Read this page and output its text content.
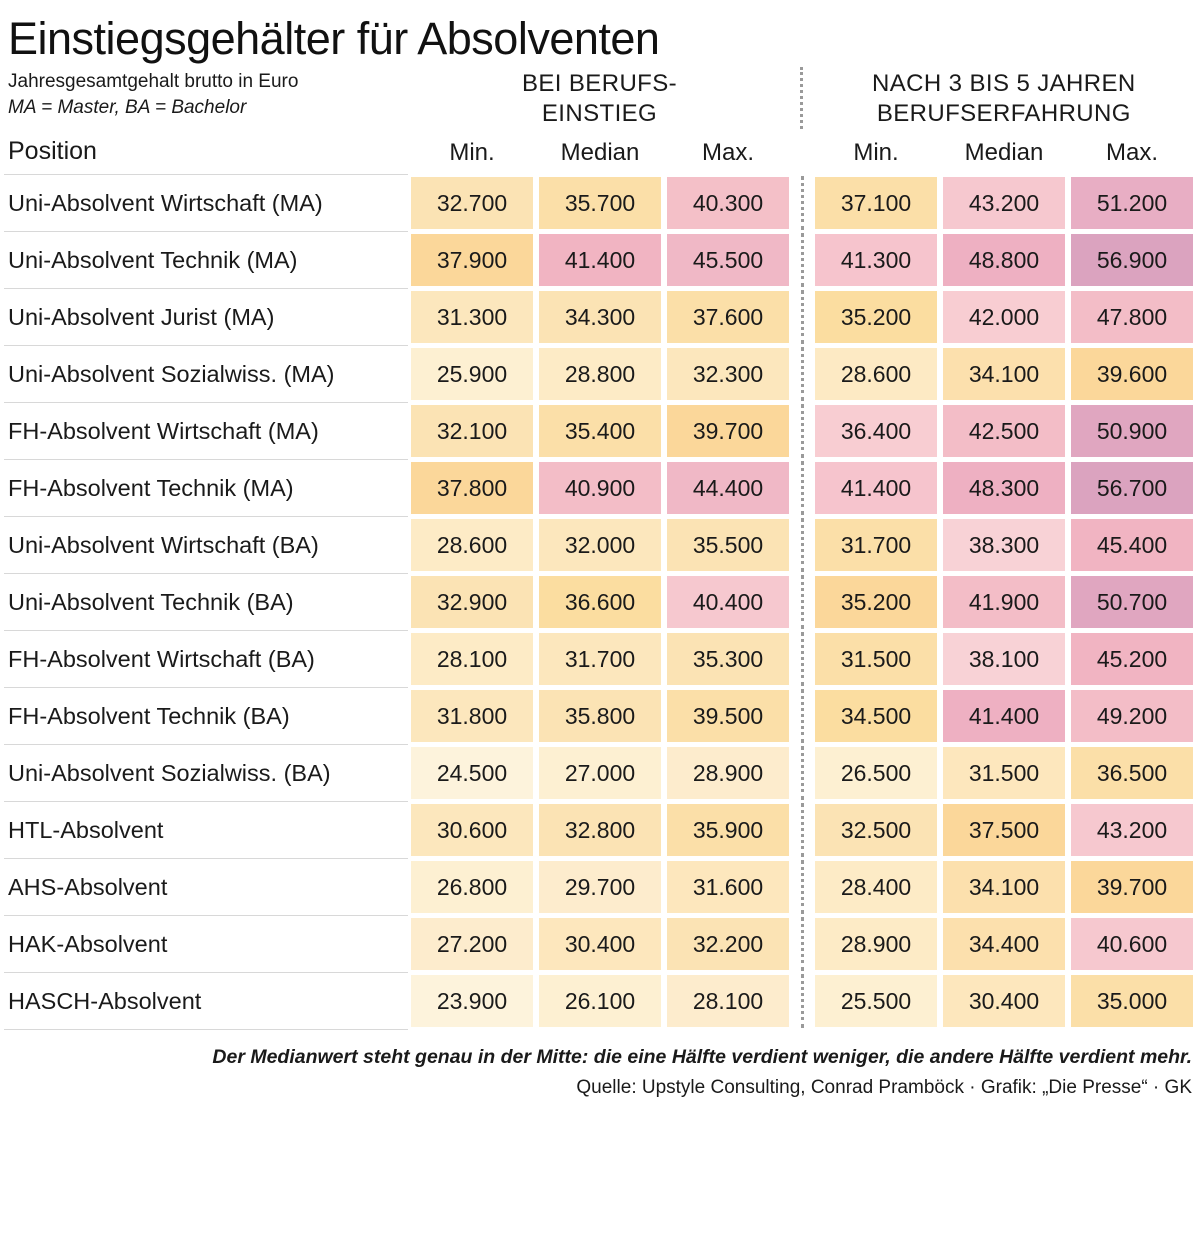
Einstiegsgehälter für Absolventen
Jahresgesamtgehalt brutto in Euro
MA = Master, BA = Bachelor
BEI BERUFS-
EINSTIEG
NACH 3 BIS 5 JAHREN
BERUFSERFAHRUNG
Position	Min.	Median	Max.		Min.	Median	Max.
Uni-Absolvent Wirtschaft (MA)	32.700	35.700	40.300		37.100	43.200	51.200

Uni-Absolvent Technik (MA)	37.900	41.400	45.500		41.300	48.800	56.900

Uni-Absolvent Jurist (MA)	31.300	34.300	37.600		35.200	42.000	47.800

Uni-Absolvent Sozialwiss. (MA)	25.900	28.800	32.300		28.600	34.100	39.600

FH-Absolvent Wirtschaft (MA)	32.100	35.400	39.700		36.400	42.500	50.900

FH-Absolvent Technik (MA)	37.800	40.900	44.400		41.400	48.300	56.700

Uni-Absolvent Wirtschaft (BA)	28.600	32.000	35.500		31.700	38.300	45.400

Uni-Absolvent Technik (BA)	32.900	36.600	40.400		35.200	41.900	50.700

FH-Absolvent Wirtschaft (BA)	28.100	31.700	35.300		31.500	38.100	45.200

FH-Absolvent Technik (BA)	31.800	35.800	39.500		34.500	41.400	49.200

Uni-Absolvent Sozialwiss. (BA)	24.500	27.000	28.900		26.500	31.500	36.500

HTL-Absolvent	30.600	32.800	35.900		32.500	37.500	43.200

AHS-Absolvent	26.800	29.700	31.600		28.400	34.100	39.700

HAK-Absolvent	27.200	30.400	32.200		28.900	34.400	40.600

HASCH-Absolvent	23.900	26.100	28.100		25.500	30.400	35.000
Der Medianwert steht genau in der Mitte: die eine Hälfte verdient weniger, die andere Hälfte verdient mehr.
Quelle: Upstyle Consulting, Conrad Pramböck · Grafik: „Die Presse“ · GK
